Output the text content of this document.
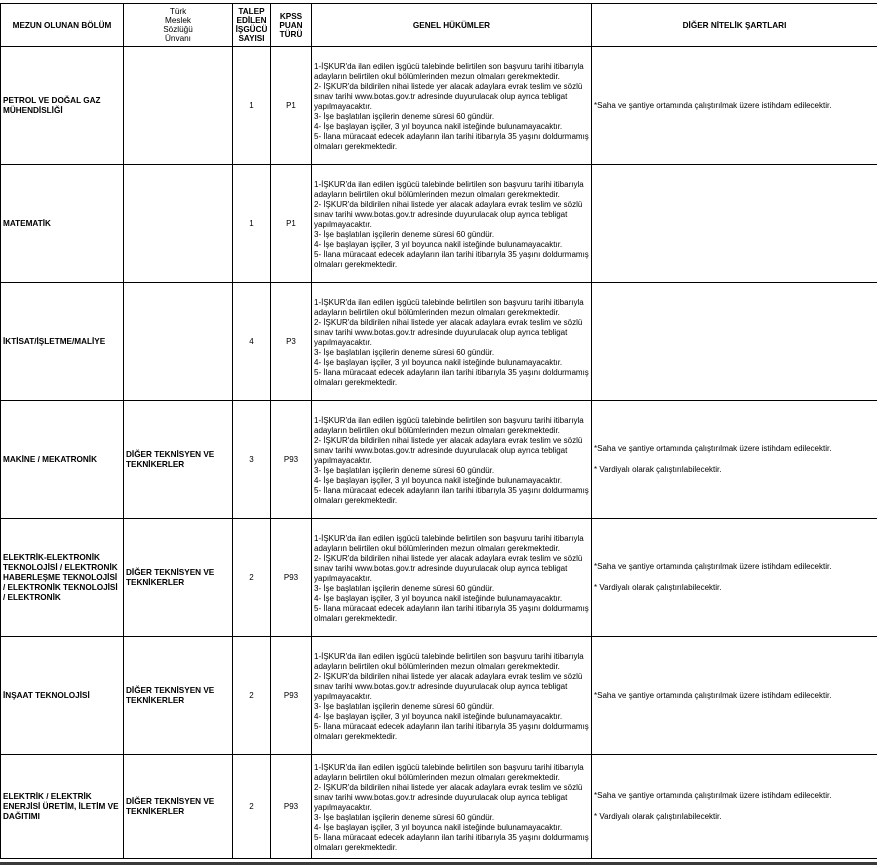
MEZUN OLUNAN BÖLÜM	Türk
Meslek
Sözlüğü
Ünvanı	TALEP
EDİLEN
İŞGÜCÜ
SAYISI	KPSS
PUAN
TÜRÜ	GENEL HÜKÜMLER	DİĞER NİTELİK ŞARTLARI
PETROL VE DOĞAL GAZ MÜHENDİSLİĞİ		1	P1	1-İŞKUR'da ilan edilen işgücü talebinde belirtilen son başvuru tarihi itibarıyla adayların belirtilen okul bölümlerinden mezun olmaları gerekmektedir.
2- İŞKUR'da bildirilen nihai listede yer alacak adaylara evrak teslim ve sözlü sınav tarihi www.botas.gov.tr adresinde duyurulacak olup ayrıca tebligat yapılmayacaktır.
3- İşe başlatılan işçilerin deneme süresi 60 gündür.
4- İşe başlayan işçiler, 3 yıl boyunca nakil isteğinde bulunamayacaktır.
5- İlana müracaat edecek adayların ilan tarihi itibarıyla 35 yaşını doldurmamış olmaları gerekmektedir.	*Saha ve şantiye ortamında çalıştırılmak üzere istihdam edilecektir.

MATEMATİK		1	P1	1-İŞKUR'da ilan edilen işgücü talebinde belirtilen son başvuru tarihi itibarıyla adayların belirtilen okul bölümlerinden mezun olmaları gerekmektedir.
2- İŞKUR'da bildirilen nihai listede yer alacak adaylara evrak teslim ve sözlü sınav tarihi www.botas.gov.tr adresinde duyurulacak olup ayrıca tebligat yapılmayacaktır.
3- İşe başlatılan işçilerin deneme süresi 60 gündür.
4- İşe başlayan işçiler, 3 yıl boyunca nakil isteğinde bulunamayacaktır.
5- İlana müracaat edecek adayların ilan tarihi itibarıyla 35 yaşını doldurmamış olmaları gerekmektedir.	

İKTİSAT/İŞLETME/MALİYE		4	P3	1-İŞKUR'da ilan edilen işgücü talebinde belirtilen son başvuru tarihi itibarıyla adayların belirtilen okul bölümlerinden mezun olmaları gerekmektedir.
2- İŞKUR'da bildirilen nihai listede yer alacak adaylara evrak teslim ve sözlü sınav tarihi www.botas.gov.tr adresinde duyurulacak olup ayrıca tebligat yapılmayacaktır.
3- İşe başlatılan işçilerin deneme süresi 60 gündür.
4- İşe başlayan işçiler, 3 yıl boyunca nakil isteğinde bulunamayacaktır.
5- İlana müracaat edecek adayların ilan tarihi itibarıyla 35 yaşını doldurmamış olmaları gerekmektedir.	

MAKİNE / MEKATRONİK	DİĞER TEKNİSYEN VE TEKNİKERLER	3	P93	1-İŞKUR'da ilan edilen işgücü talebinde belirtilen son başvuru tarihi itibarıyla adayların belirtilen okul bölümlerinden mezun olmaları gerekmektedir.
2- İŞKUR'da bildirilen nihai listede yer alacak adaylara evrak teslim ve sözlü sınav tarihi www.botas.gov.tr adresinde duyurulacak olup ayrıca tebligat yapılmayacaktır.
3- İşe başlatılan işçilerin deneme süresi 60 gündür.
4- İşe başlayan işçiler, 3 yıl boyunca nakil isteğinde bulunamayacaktır.
5- İlana müracaat edecek adayların ilan tarihi itibarıyla 35 yaşını doldurmamış olmaları gerekmektedir.	*Saha ve şantiye ortamında çalıştırılmak üzere istihdam edilecektir.
* Vardiyalı olarak çalıştırılabilecektir.

ELEKTRİK-ELEKTRONİK TEKNOLOJİSİ / ELEKTRONİK HABERLEŞME TEKNOLOJİSİ / ELEKTRONİK TEKNOLOJİSİ / ELEKTRONİK	DİĞER TEKNİSYEN VE TEKNİKERLER	2	P93	1-İŞKUR'da ilan edilen işgücü talebinde belirtilen son başvuru tarihi itibarıyla adayların belirtilen okul bölümlerinden mezun olmaları gerekmektedir.
2- İŞKUR'da bildirilen nihai listede yer alacak adaylara evrak teslim ve sözlü sınav tarihi www.botas.gov.tr adresinde duyurulacak olup ayrıca tebligat yapılmayacaktır.
3- İşe başlatılan işçilerin deneme süresi 60 gündür.
4- İşe başlayan işçiler, 3 yıl boyunca nakil isteğinde bulunamayacaktır.
5- İlana müracaat edecek adayların ilan tarihi itibarıyla 35 yaşını doldurmamış olmaları gerekmektedir.	*Saha ve şantiye ortamında çalıştırılmak üzere istihdam edilecektir.
* Vardiyalı olarak çalıştırılabilecektir.

İNŞAAT TEKNOLOJİSİ	DİĞER TEKNİSYEN VE TEKNİKERLER	2	P93	1-İŞKUR'da ilan edilen işgücü talebinde belirtilen son başvuru tarihi itibarıyla adayların belirtilen okul bölümlerinden mezun olmaları gerekmektedir.
2- İŞKUR'da bildirilen nihai listede yer alacak adaylara evrak teslim ve sözlü sınav tarihi www.botas.gov.tr adresinde duyurulacak olup ayrıca tebligat yapılmayacaktır.
3- İşe başlatılan işçilerin deneme süresi 60 gündür.
4- İşe başlayan işçiler, 3 yıl boyunca nakil isteğinde bulunamayacaktır.
5- İlana müracaat edecek adayların ilan tarihi itibarıyla 35 yaşını doldurmamış olmaları gerekmektedir.	*Saha ve şantiye ortamında çalıştırılmak üzere istihdam edilecektir.

ELEKTRİK / ELEKTRİK ENERJİSİ ÜRETİM, İLETİM VE DAĞITIMI	DİĞER TEKNİSYEN VE TEKNİKERLER	2	P93	1-İŞKUR'da ilan edilen işgücü talebinde belirtilen son başvuru tarihi itibarıyla adayların belirtilen okul bölümlerinden mezun olmaları gerekmektedir.
2- İŞKUR'da bildirilen nihai listede yer alacak adaylara evrak teslim ve sözlü sınav tarihi www.botas.gov.tr adresinde duyurulacak olup ayrıca tebligat yapılmayacaktır.
3- İşe başlatılan işçilerin deneme süresi 60 gündür.
4- İşe başlayan işçiler, 3 yıl boyunca nakil isteğinde bulunamayacaktır.
5- İlana müracaat edecek adayların ilan tarihi itibarıyla 35 yaşını doldurmamış olmaları gerekmektedir.	*Saha ve şantiye ortamında çalıştırılmak üzere istihdam edilecektir.
* Vardiyalı olarak çalıştırılabilecektir.
